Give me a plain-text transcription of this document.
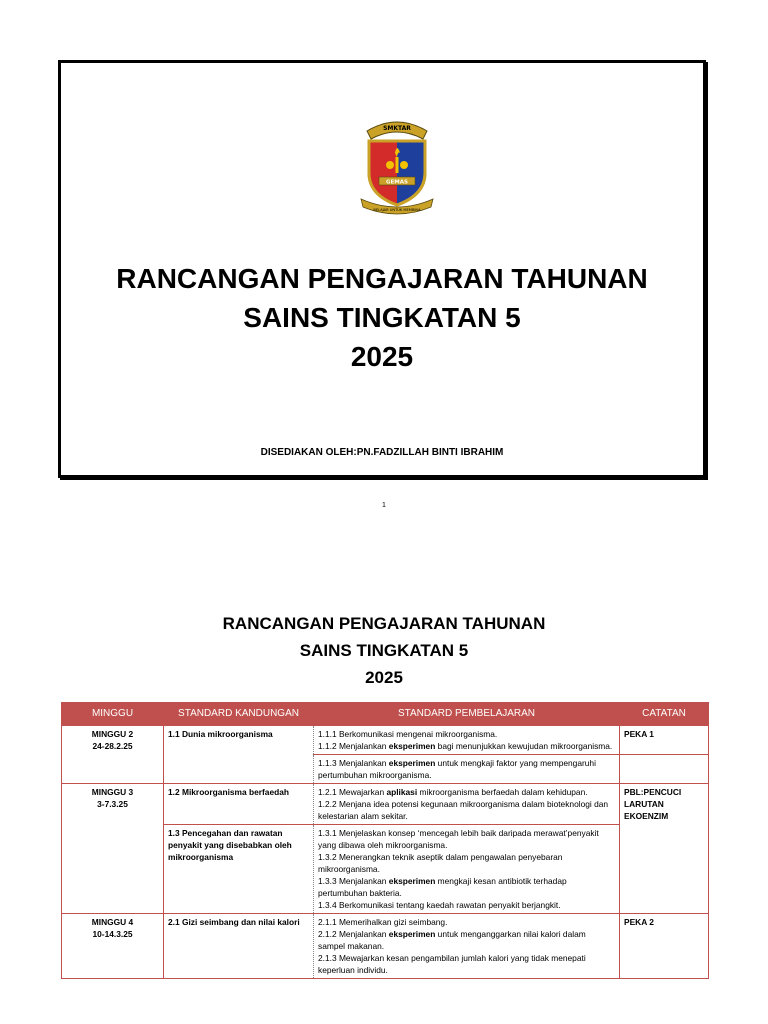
SMKTAR
GEMAS
BELAJAR UNTUK MEMBINA
RANCANGAN PENGAJARAN TAHUNAN
SAINS TINGKATAN 5
2025
DISEDIAKAN OLEH:PN.FADZILLAH BINTI IBRAHIM
1
RANCANGAN PENGAJARAN TAHUNAN
SAINS TINGKATAN 5
2025
MINGGU	STANDARD KANDUNGAN	STANDARD PEMBELAJARAN	CATATAN

MINGGU 2
24-28.2.25	1.1 Dunia mikroorganisma	1.1.1 Berkomunikasi mengenai mikroorganisma.
1.1.2 Menjalankan eksperimen bagi menunjukkan kewujudan mikroorganisma.	PEKA 1

		1.1.3 Menjalankan eksperimen untuk mengkaji faktor yang mempengaruhi pertumbuhan mikroorganisma.	

MINGGU 3
3-7.3.25	1.2 Mikroorganisma berfaedah	1.2.1 Mewajarkan aplikasi mikroorganisma berfaedah dalam kehidupan.
1.2.2 Menjana idea potensi kegunaan mikroorganisma dalam bioteknologi dan kelestarian alam sekitar.	PBL:PENCUCI LARUTAN EKOENZIM
	1.3 Pencegahan dan rawatan penyakit yang disebabkan oleh mikroorganisma	1.3.1 Menjelaskan konsep ‘mencegah lebih baik daripada merawat’penyakit yang dibawa oleh mikroorganisma.
1.3.2 Menerangkan teknik aseptik dalam pengawalan penyebaran mikroorganisma.
1.3.3 Menjalankan eksperimen mengkaji kesan antibiotik terhadap pertumbuhan bakteria.
1.3.4 Berkomunikasi tentang kaedah rawatan penyakit berjangkit.	

MINGGU 4
10-14.3.25	2.1 Gizi seimbang dan nilai kalori	2.1.1 Memerihalkan gizi seimbang.
2.1.2 Menjalankan eksperimen untuk menganggarkan nilai kalori dalam sampel makanan.
2.1.3 Mewajarkan kesan pengambilan jumlah kalori yang tidak menepati keperluan individu.	PEKA 2
